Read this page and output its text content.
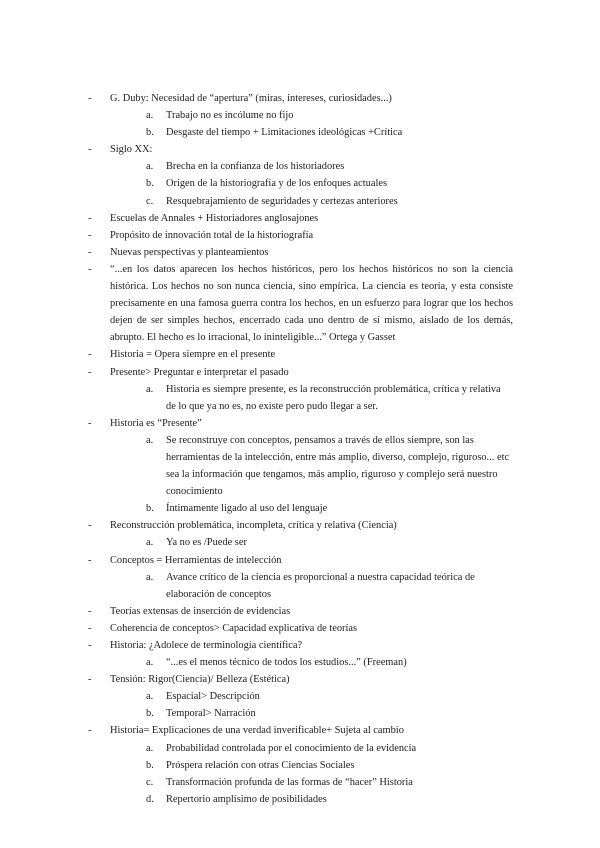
- G. Duby: Necesidad de “apertura” (miras, intereses, curiosidades...)
a. Trabajo no es incólume no fijo
b. Desgaste del tiempo + Limitaciones ideológicas +Crítica
- Siglo XX:
a. Brecha en la confianza de los historiadores
b. Origen de la historiografía y de los enfoques actuales
c. Resquebrajamiento de seguridades y certezas anteriores
- Escuelas de Annales + Historiadores anglosajones
- Propósito de innovación total de la historiografía
- Nuevas perspectivas y planteamientos
- “...en los datos aparecen los hechos históricos, pero los hechos históricos no son la ciencia histórica. Los hechos no son nunca ciencia, sino empírica. La ciencia es teoría, y esta consiste precisamente en una famosa guerra contra los hechos, en un esfuerzo para lograr que los hechos dejen de ser simples hechos, encerrado cada uno dentro de sí mismo, aislado de los demás, abrupto. El hecho es lo irracional, lo ininteligible...” Ortega y Gasset
- Historia = Opera siempre en el presente
- Presente> Preguntar e interpretar el pasado
a. Historia es siempre presente, es la reconstrucción problemática, crítica y relativa de lo que ya no es, no existe pero pudo llegar a ser.
- Historia es “Presente”
a. Se reconstruye con conceptos, pensamos a través de ellos siempre, son las herramientas de la intelección, entre más amplio, diverso, complejo, riguroso... etc sea la información que tengamos, más amplio, riguroso y complejo será nuestro conocimiento
b. Íntimamente ligado al uso del lenguaje
- Reconstrucción problemática, incompleta, crítica y relativa (Ciencia)
a. Ya no es /Puede ser
- Conceptos = Herramientas de intelección
a. Avance crítico de la ciencia es proporcional a nuestra capacidad teórica de elaboración de conceptos
- Teorías extensas de inserción de evidencias
- Coherencia de conceptos> Capacidad explicativa de teorías
- Historia: ¿Adolece de terminología científica?
a. “...es el menos técnico de todos los estudios...” (Freeman)
- Tensión: Rigor(Ciencia)/ Belleza (Estética)
a. Espacial> Descripción
b. Temporal> Narración
- Historia= Explicaciones de una verdad inverificable+ Sujeta al cambio
a. Probabilidad controlada por el conocimiento de la evidencia
b. Próspera relación con otras Ciencias Sociales
c. Transformación profunda de las formas de “hacer” Historia
d. Repertorio amplísimo de posibilidades
